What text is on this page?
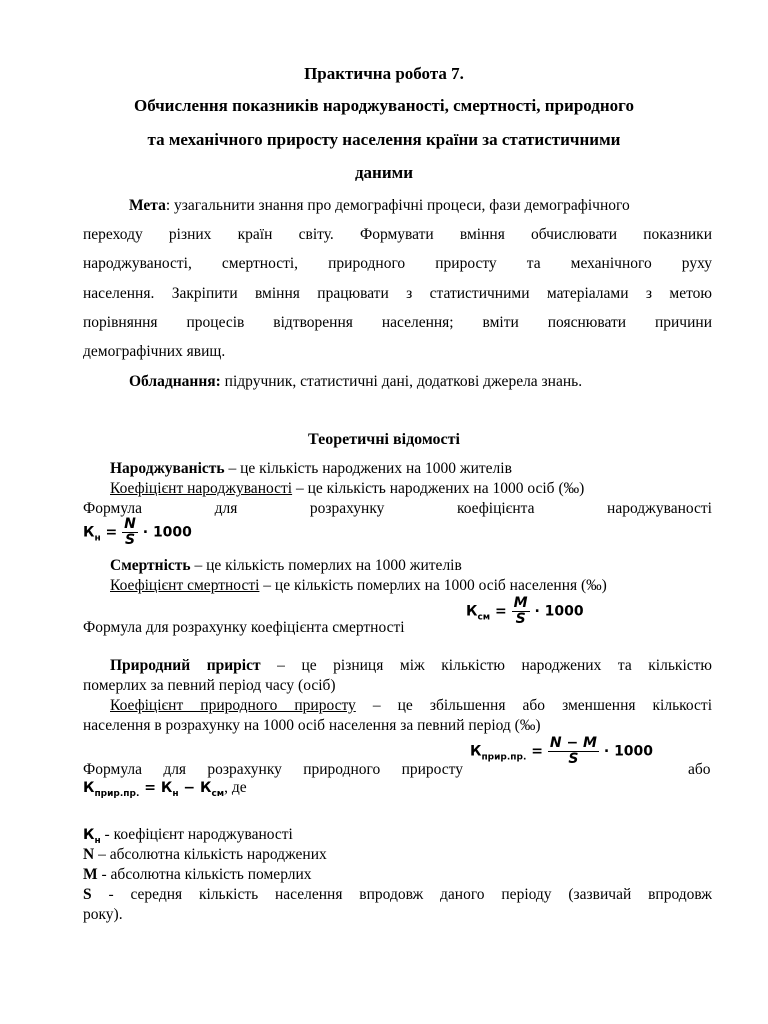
Практична робота 7.
Обчислення показників народжуваності, смертності, природного
та механічного приросту населення країни за статистичними
даними
Мета: узагальнити знання про демографічні процеси, фази демографічного
переходу різних країн світу. Формувати вміння обчислювати показники
народжуваності, смертності, природного приросту та механічного руху
населення. Закріпити вміння працювати з статистичними матеріалами з метою
порівняння процесів відтворення населення; вміти пояснювати причини
демографічних явищ.
Обладнання: підручник, статистичні дані, додаткові джерела знань.
Теоретичні відомості
Народжуваність – це кількість народжених на 1000 жителів
Коефіцієнт народжуваності – це кількість народжених на 1000 осіб (‰)
Формула для розрахунку коефіцієнта народжуваності
$К_н = \frac{N}{S} \cdot 1000$
Смертність – це кількість померлих на 1000 жителів
Коефіцієнт смертності – це кількість померлих на 1000 осіб населення (‰)
Формула для розрахунку коефіцієнта смертності
$К_{см} = \frac{М}{S} \cdot 1000$
Природний приріст – це різниця між кількістю народжених та кількістю
померлих за певний період часу (осіб)
Коефіцієнт природного приросту – це збільшення або зменшення кількості
населення в розрахунку на 1000 осіб населення за певний період (‰)
Формула для розрахунку природного приросту
$К_{прир.пр.} = \frac{N - М}{S} \cdot 1000$
або
$К_{прир.пр.} = К_н - К_{см}$, де
$К_н$ - коефіцієнт народжуваності
N – абсолютна кількість народжених
М - абсолютна кількість померлих
S - середня кількість населення впродовж даного періоду (зазвичай впродовж
року).
